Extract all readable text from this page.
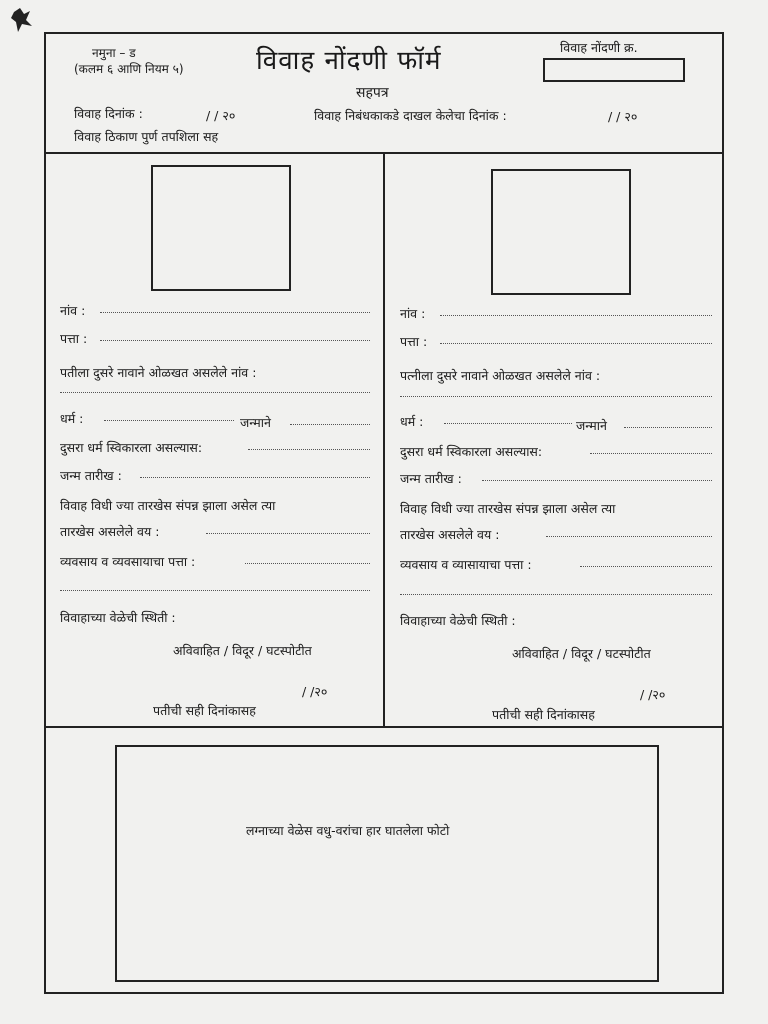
नमुना – ड
(कलम ६ आणि नियम ५)	विवाह नोंदणी फॉर्म
सहपत्र
विवाह नोंदणी क्र.
विवाह दिनांक :	/ / २०	विवाह निबंधकाकडे दाखल केलेचा दिनांक :	/ / २०
विवाह ठिकाण पुर्ण तपशिला सह
नांव :
पत्ता :
पतीला दुसरे नावाने ओळखत असलेले नांव :
धर्म :	जन्माने
दुसरा धर्म स्विकारला असल्यास:
जन्म तारीख :
विवाह विधी ज्या तारखेस संपन्न झाला असेल त्या
तारखेस असलेले वय :
व्यवसाय व व्यवसायाचा पत्ता :
विवाहाच्या वेळेची स्थिती :
अविवाहित / विदूर / घटस्पोटीत
/ /२०
पतीची सही दिनांकासह
नांव :
पत्ता :
पत्नीला दुसरे नावाने ओळखत असलेले नांव :
धर्म :	जन्माने
दुसरा धर्म स्विकारला असल्यास:
जन्म तारीख :
विवाह विधी ज्या तारखेस संपन्न झाला असेल त्या
तारखेस असलेले वय :
व्यवसाय व व्यासायाचा पत्ता :
विवाहाच्या वेळेची स्थिती :
अविवाहित / विदूर / घटस्पोटीत
/ /२०
पतीची सही दिनांकासह
लग्नाच्या वेळेस वधु-वरांचा हार घातलेला फोटो
